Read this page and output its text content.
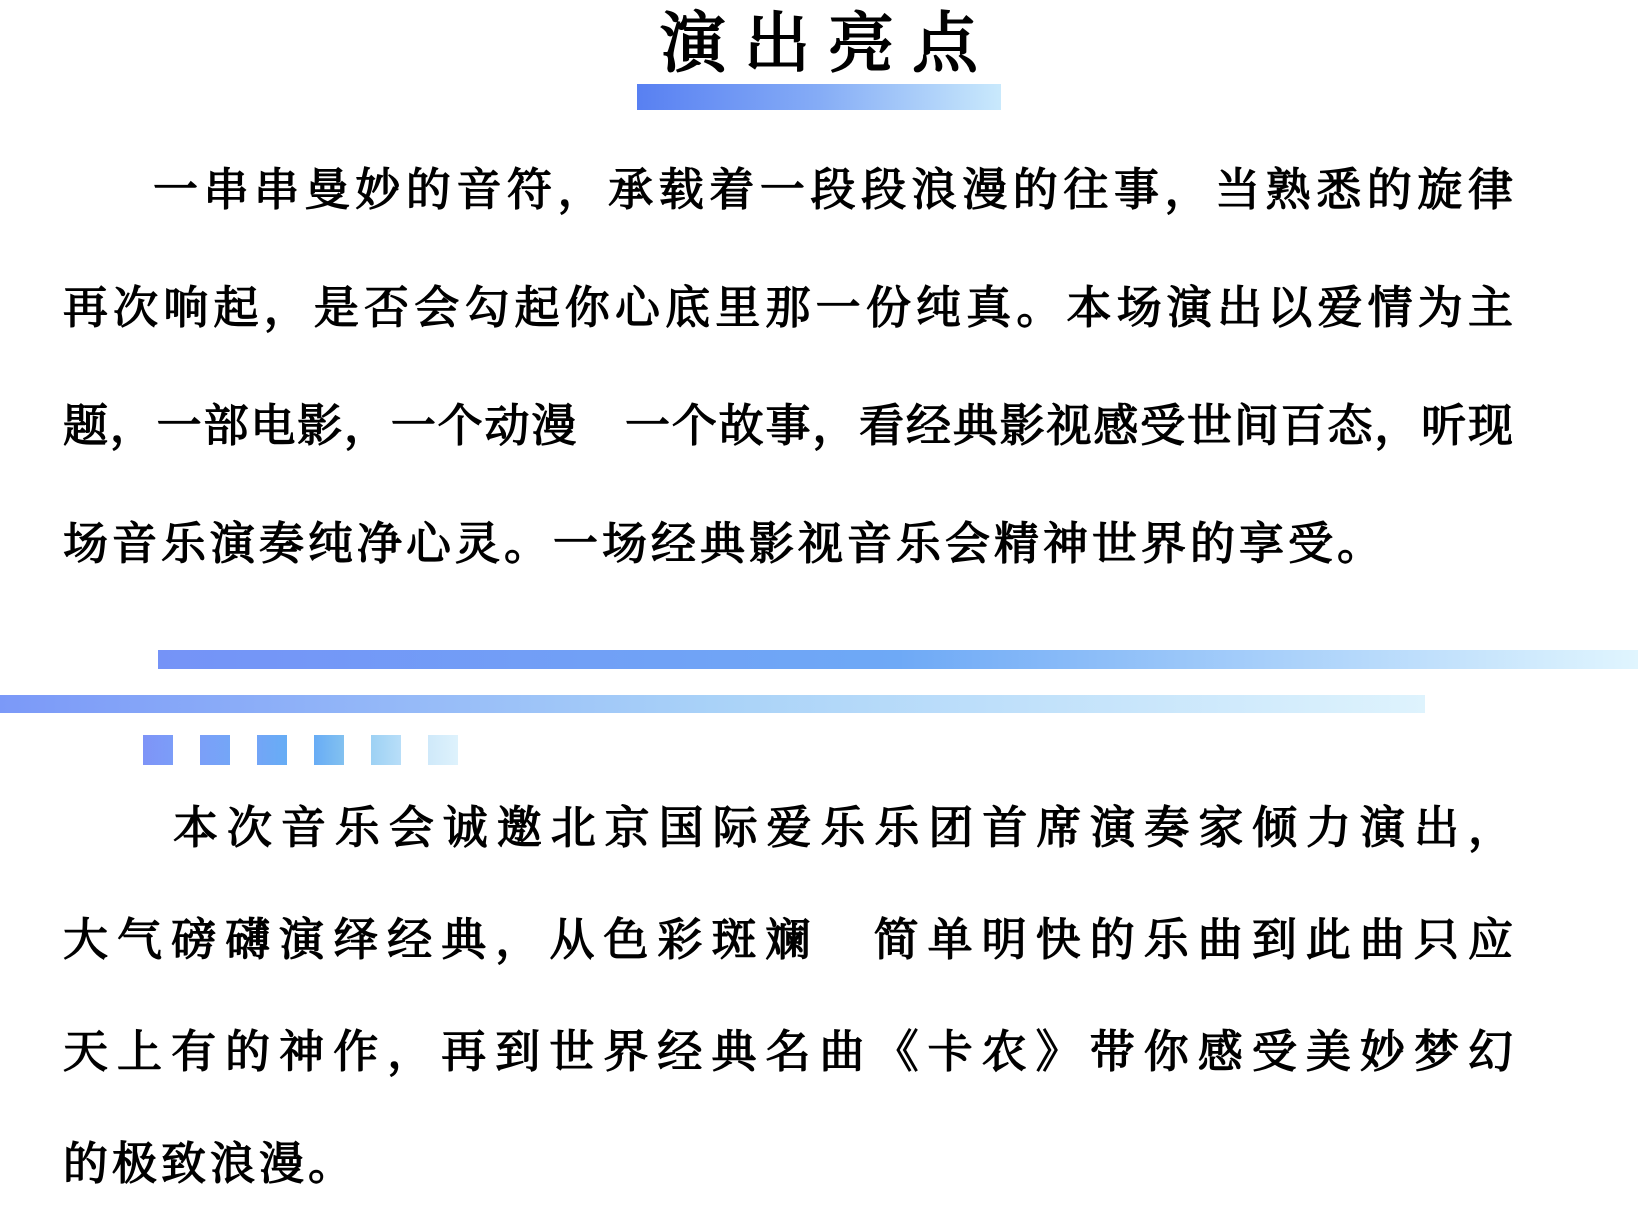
演出亮点
一串串曼妙的音符，承载着一段段浪漫的往事，当熟悉的旋律
再次响起，是否会勾起你心底里那一份纯真。本场演出以爱情为主
题，一部电影，一个动漫　一个故事，看经典影视感受世间百态，听现
场音乐演奏纯净心灵。一场经典影视音乐会精神世界的享受。
本次音乐会诚邀北京国际爱乐乐团首席演奏家倾力演出，
大气磅礴演绎经典，从色彩斑斓　简单明快的乐曲到此曲只应
天上有的神作，再到世界经典名曲《卡农》带你感受美妙梦幻
的极致浪漫。
